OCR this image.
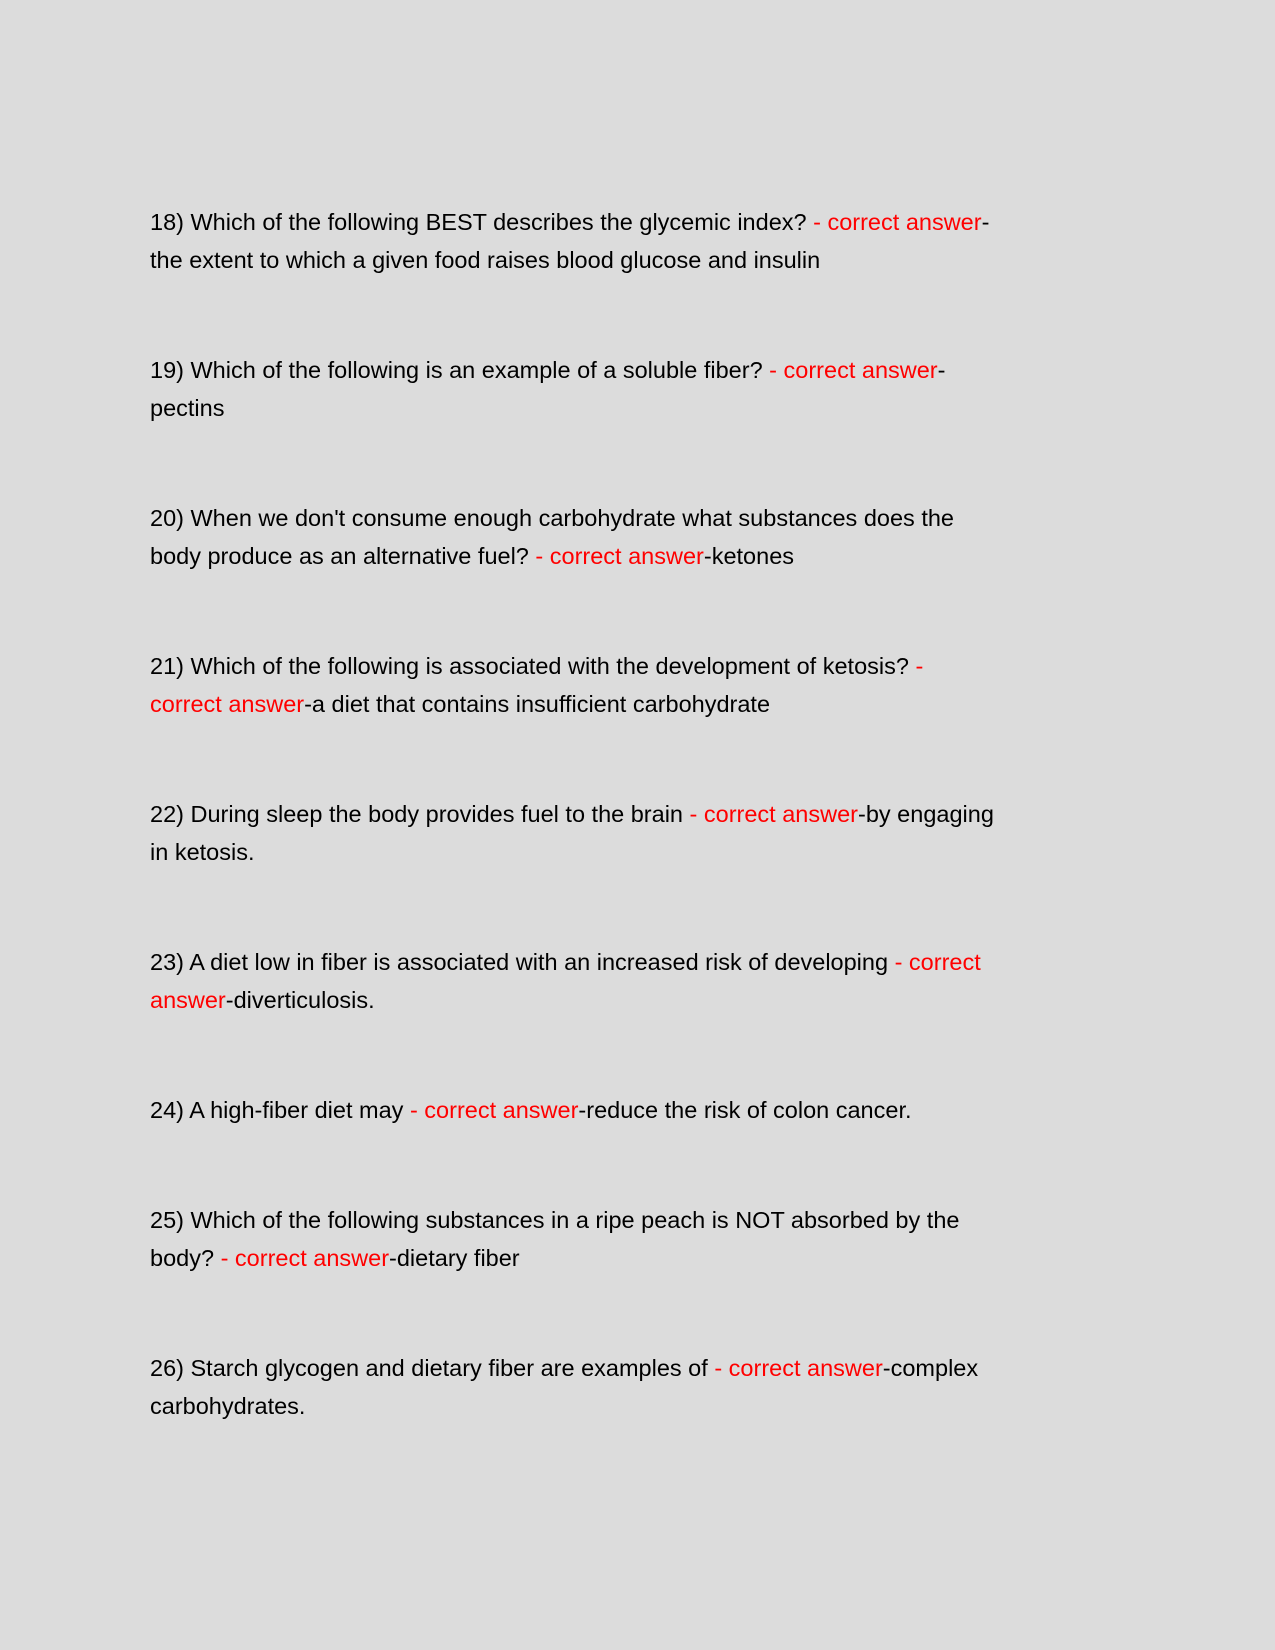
18) Which of the following BEST describes the glycemic index? - correct answer-
the extent to which a given food raises blood glucose and insulin
19) Which of the following is an example of a soluble fiber? - correct answer-
pectins
20) When we don't consume enough carbohydrate what substances does the
body produce as an alternative fuel? - correct answer-ketones
21) Which of the following is associated with the development of ketosis? -
correct answer-a diet that contains insufficient carbohydrate
22) During sleep the body provides fuel to the brain - correct answer-by engaging
in ketosis.
23) A diet low in fiber is associated with an increased risk of developing - correct
answer-diverticulosis.
24) A high-fiber diet may - correct answer-reduce the risk of colon cancer.
25) Which of the following substances in a ripe peach is NOT absorbed by the
body? - correct answer-dietary fiber
26) Starch glycogen and dietary fiber are examples of - correct answer-complex
carbohydrates.
